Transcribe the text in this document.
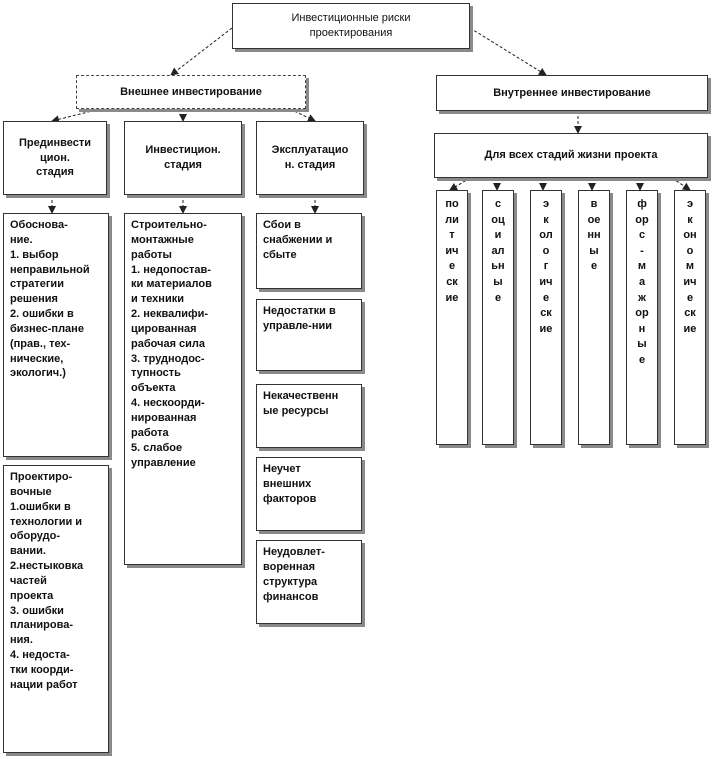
Инвестиционные риски
проектирования
Внешнее инвестирование	Внутреннее инвестирование
Прединвести
цион.
стадия
Инвестицион.
стадия
Эксплуатацио
н. стадия
Обоснова-
ние.
1. выбор
неправильной стратегии решения
2. ошибки в бизнес-плане (прав., тех-
нические,
экологич.)
Проектиро-
вочные
1.ошибки в технологии и оборудо-
вании.
2.нестыковка частей
проекта
3. ошибки планирова-
ния.
4. недоста-
тки коорди-
нации работ
Строительно-
монтажные
работы
1. недопостав-
ки материалов
и техники
2. неквалифи-
цированная
рабочая сила
3. труднодос-
тупность
объекта
4. нескоорди-
нированная
работа
5. слабое
управление
Сбои в
снабжении и
сбыте
Недостатки в
управле-нии
Некачественн
ые ресурсы
Неучет
внешних
факторов
Неудовлет-
воренная
структура
финансов
Для всех стадий жизни проекта
по
ли
т
ич
е
ск
ие
с
оц
и
ал
ьн
ы
е
э
к
ол
о
г
ич
е
ск
ие
в
ое
нн
ы
е
ф
ор
с
-
м
а
ж
ор
н
ы
е
э
к
он
о
м
ич
е
ск
ие
